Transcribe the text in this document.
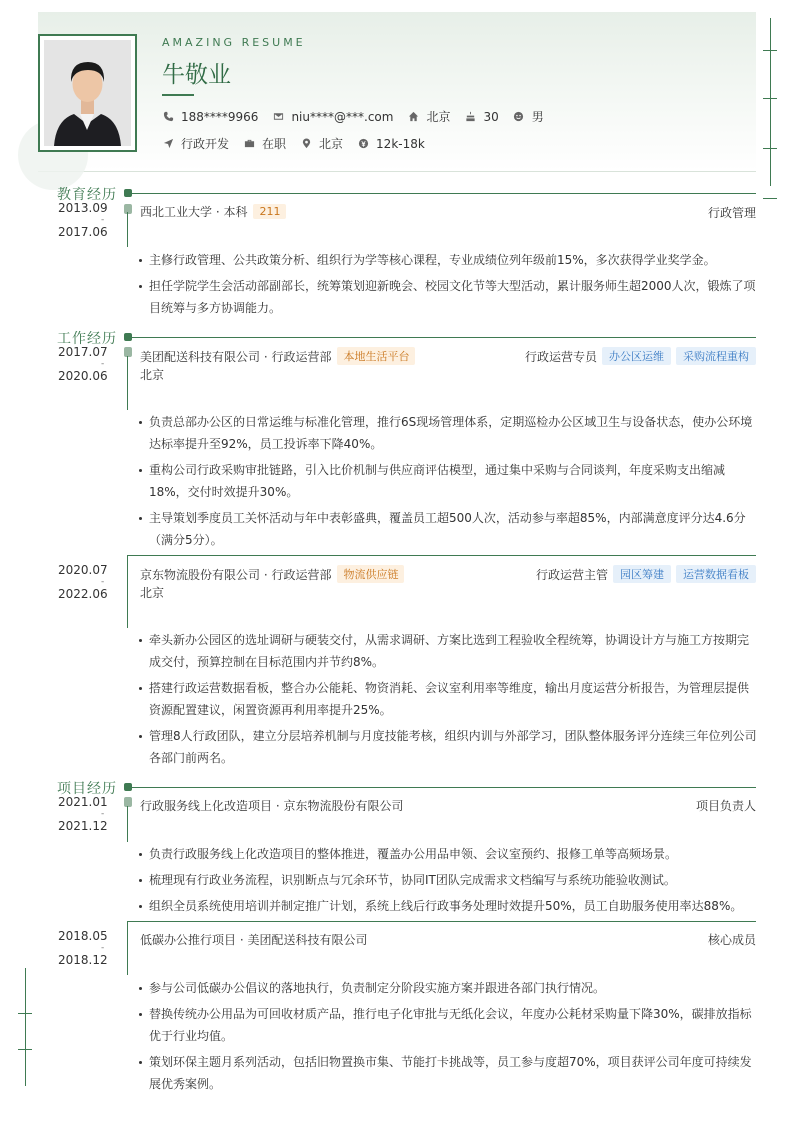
AMAZING RESUME
牛敬业
188****9966	niu****@***.com	北京	30	男
行政开发	在职	北京	12k-18k
教育经历
2013.09
-
2017.06
西北工业大学 · 本科	211	行政管理
主修行政管理、公共政策分析、组织行为学等核心课程，专业成绩位列年级前15%，多次获得学业奖学金。
担任学院学生会活动部副部长，统筹策划迎新晚会、校园文化节等大型活动，累计服务师生超2000人次，锻炼了项目统筹与多方协调能力。
工作经历
2017.07
-
2020.06
美团配送科技有限公司 · 行政运营部	本地生活平台	行政运营专员	办公区运维	采购流程重构
北京
负责总部办公区的日常运维与标准化管理，推行6S现场管理体系，定期巡检办公区域卫生与设备状态，使办公环境达标率提升至92%，员工投诉率下降40%。
重构公司行政采购审批链路，引入比价机制与供应商评估模型，通过集中采购与合同谈判，年度采购支出缩减18%，交付时效提升30%。
主导策划季度员工关怀活动与年中表彰盛典，覆盖员工超500人次，活动参与率超85%，内部满意度评分达4.6分（满分5分）。
2020.07
-
2022.06
京东物流股份有限公司 · 行政运营部	物流供应链	行政运营主管	园区筹建	运营数据看板
北京
牵头新办公园区的选址调研与硬装交付，从需求调研、方案比选到工程验收全程统筹，协调设计方与施工方按期完成交付，预算控制在目标范围内并节约8%。
搭建行政运营数据看板，整合办公能耗、物资消耗、会议室利用率等维度，输出月度运营分析报告，为管理层提供资源配置建议，闲置资源再利用率提升25%。
管理8人行政团队，建立分层培养机制与月度技能考核，组织内训与外部学习，团队整体服务评分连续三年位列公司各部门前两名。
项目经历
2021.01
-
2021.12
行政服务线上化改造项目 · 京东物流股份有限公司	项目负责人
负责行政服务线上化改造项目的整体推进，覆盖办公用品申领、会议室预约、报修工单等高频场景。
梳理现有行政业务流程，识别断点与冗余环节，协同IT团队完成需求文档编写与系统功能验收测试。
组织全员系统使用培训并制定推广计划，系统上线后行政事务处理时效提升50%，员工自助服务使用率达88%。
2018.05
-
2018.12
低碳办公推行项目 · 美团配送科技有限公司	核心成员
参与公司低碳办公倡议的落地执行，负责制定分阶段实施方案并跟进各部门执行情况。
替换传统办公用品为可回收材质产品，推行电子化审批与无纸化会议，年度办公耗材采购量下降30%，碳排放指标优于行业均值。
策划环保主题月系列活动，包括旧物置换市集、节能打卡挑战等，员工参与度超70%，项目获评公司年度可持续发展优秀案例。
